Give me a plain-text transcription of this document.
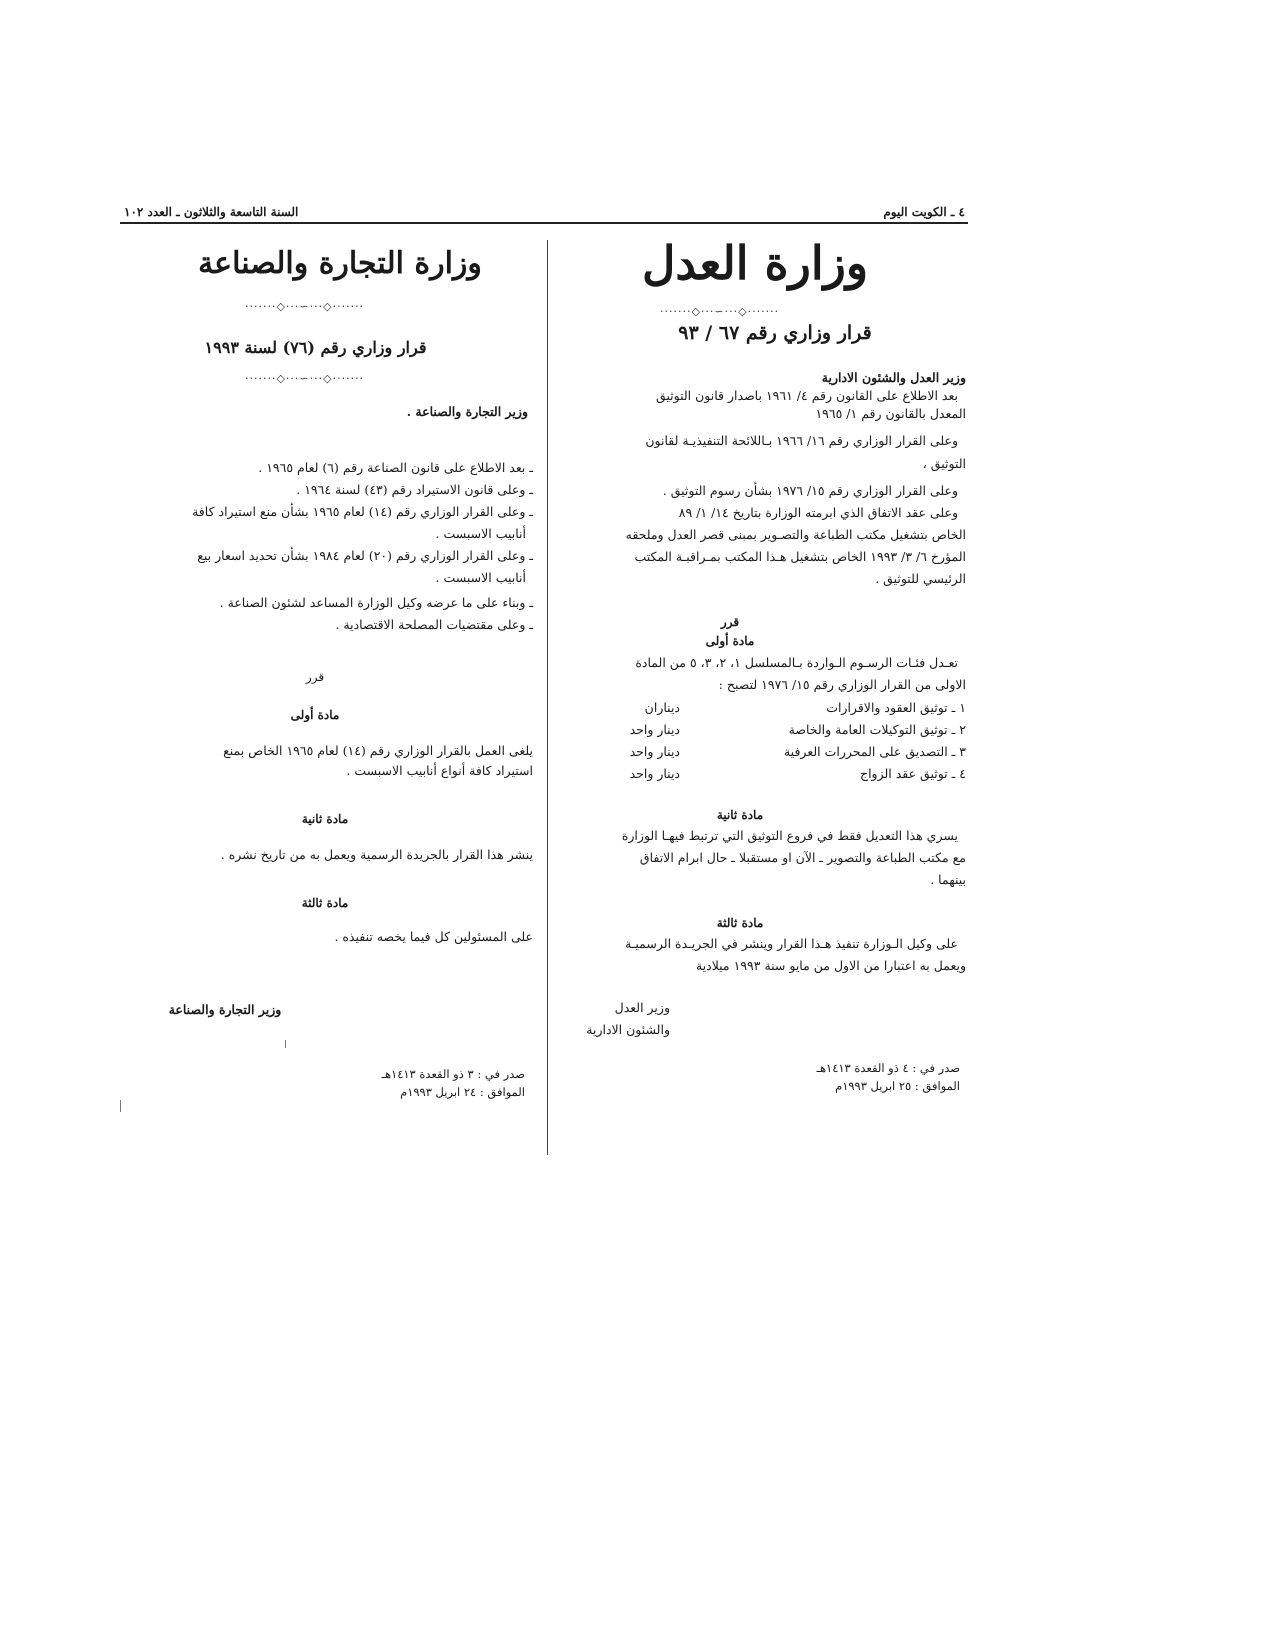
٤ ـ الكويت اليوم
السنة التاسعة والثلاثون ـ العدد ١٠٢
وزارة العدل
·······◇···∽···◇·······
قرار وزاري رقم ٦٧ / ٩٣
وزير العدل والشئون الادارية
بعد الاطلاع على القانون رقم ٤/ ١٩٦١ باصدار قانون التوثيق
المعدل بالقانون رقم ١/ ١٩٦٥
وعلى القرار الوزاري رقم ١٦/ ١٩٦٦ بـاللائحة التنفيذيـة لقانون
التوثيق ،
وعلى القرار الوزاري رقم ١٥/ ١٩٧٦ بشأن رسوم التوثيق .
وعلى عقد الاتفاق الذي ابرمته الوزارة بتاريخ ١٤/ ١/ ٨٩
الخاص بتشغيل مكتب الطباعة والتصـوير بمبنى قصر العدل وملحقه
المؤرخ ٦/ ٣/ ١٩٩٣ الخاص بتشغيل هـذا المكتب بمـراقبـة المكتب
الرئيسي للتوثيق .
قرر
مادة أولى
تعـدل فئـات الرسـوم الـواردة بـالمسلسل ١، ٢، ٣، ٥ من المادة
الاولى من القرار الوزاري رقم ١٥/ ١٩٧٦ لتصبح :
١ ـ توثيق العقود والاقرارات
ديناران
٢ ـ توثيق التوكيلات العامة والخاصة
دينار واحد
٣ ـ التصديق على المحررات العرفية
دينار واحد
٤ ـ توثيق عقد الزواج
دينار واحد
مادة ثانية
يسري هذا التعديل فقط في فروع التوثيق التي ترتبط فيهـا الوزارة
مع مكتب الطباعة والتصوير ـ الآن او مستقبلا ـ حال ابرام الاتفاق
بينهما .
مادة ثالثة
على وكيل الـوزارة تنفيذ هـذا القرار وينشر في الجريـدة الرسميـة
ويعمل به اعتبارا من الاول من مايو سنة ١٩٩٣ ميلادية
وزير العدل
والشئون الادارية
صدر في : ٤ ذو القعدة ١٤١٣هـ
الموافق : ٢٥ ابريل ١٩٩٣م
وزارة التجارة والصناعة
·······◇···∽···◇·······
قرار وزاري رقم (٧٦) لسنة ١٩٩٣
·······◇···∽···◇·······
وزير التجارة والصناعة .
ـ بعد الاطلاع على قانون الصناعة رقم (٦) لعام ١٩٦٥ .
ـ وعلى قانون الاستيراد رقم (٤٣) لسنة ١٩٦٤ .
ـ وعلى القرار الوزاري رقم (١٤) لعام ١٩٦٥ بشأن منع استيراد كافة
أنابيب الاسبست .
ـ وعلى القرار الوزاري رقم (٢٠) لعام ١٩٨٤ بشأن تحديد اسعار بيع
أنابيب الاسبست .
ـ وبناء على ما عرضه وكيل الوزارة المساعد لشئون الصناعة .
ـ وعلى مقتضيات المصلحة الاقتصادية .
قرر
مادة أولى
يلغى العمل بالقرار الوزاري رقم (١٤) لعام ١٩٦٥ الخاص بمنع
استيراد كافة أنواع أنابيب الاسبست .
مادة ثانية
ينشر هذا القرار بالجريدة الرسمية ويعمل به من تاريخ نشره .
مادة ثالثة
على المسئولين كل فيما يخصه تنفيذه .
وزير التجارة والصناعة
صدر في : ٣ ذو القعدة ١٤١٣هـ
الموافق : ٢٤ ابريل ١٩٩٣م
